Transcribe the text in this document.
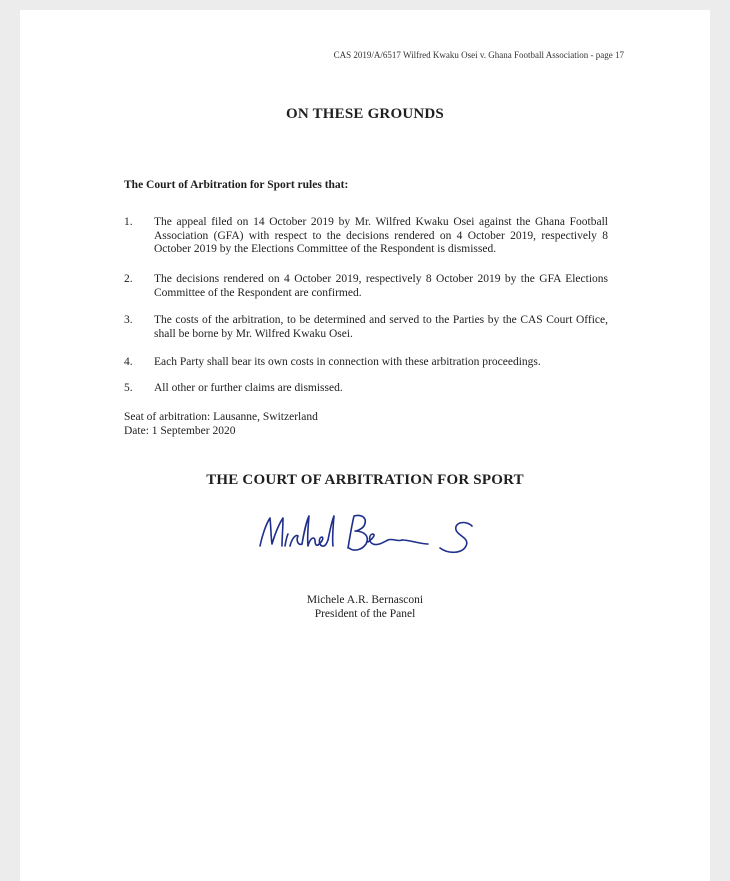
CAS 2019/A/6517 Wilfred Kwaku Osei v. Ghana Football Association - page 17
ON THESE GROUNDS
The Court of Arbitration for Sport rules that:
1.	The appeal filed on 14 October 2019 by Mr. Wilfred Kwaku Osei against the Ghana Football Association (GFA) with respect to the decisions rendered on 4 October 2019, respectively 8 October 2019 by the Elections Committee of the Respondent is dismissed.
2.	The decisions rendered on 4 October 2019, respectively 8 October 2019 by the GFA Elections Committee of the Respondent are confirmed.
3.	The costs of the arbitration, to be determined and served to the Parties by the CAS Court Office, shall be borne by Mr. Wilfred Kwaku Osei.
4.	Each Party shall bear its own costs in connection with these arbitration proceedings.
5.	All other or further claims are dismissed.
Seat of arbitration: Lausanne, Switzerland
Date: 1 September 2020
THE COURT OF ARBITRATION FOR SPORT
Michele A.R. Bernasconi
President of the Panel
